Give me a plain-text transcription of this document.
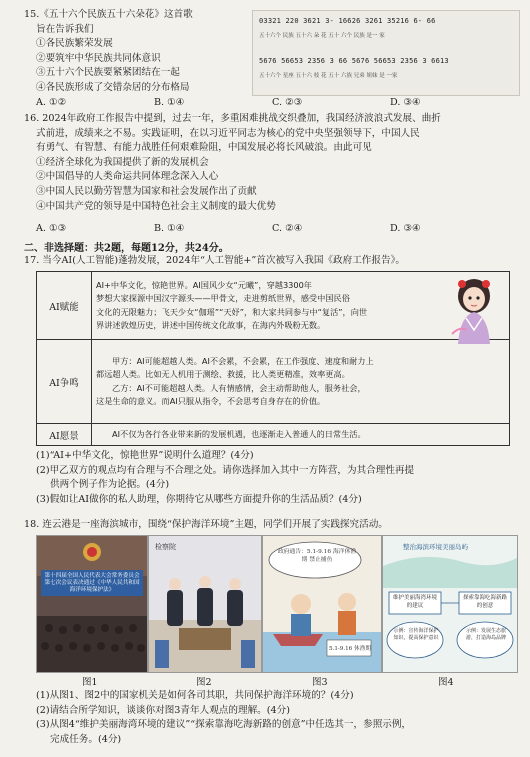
15.《五十六个民族五十六朵花》这首歌
旨在告诉我们
①各民族繁荣发展
②要筑牢中华民族共同体意识
③五十六个民族要紧紧团结在一起
④各民族形成了交错杂居的分布格局
A. ①②	B. ①④	C. ②③	D. ③④
03321 220 3621 3- 16626 3261 35216 6- 66
五十六个 民族 五十六 朵 花 五十 六个 民族 是一 家
5676 56653 2356 3 66 5676 56653 2356 3 6613
五十六个 星座 五十六 枝 花 五十 六族 兄弟 姐妹 是 一家
16. 2024年政府工作报告中提到，过去一年，多重困难挑战交织叠加，我国经济波浪式发展、曲折
式前进，成绩来之不易。实践证明，在以习近平同志为核心的党中央坚强领导下，中国人民
有勇气、有智慧、有能力战胜任何艰难险阻，中国发展必将长风破浪。由此可见
①经济全球化为我国提供了新的发展机会
②中国倡导的人类命运共同体理念深入人心
③中国人民以勤劳智慧为国家和社会发展作出了贡献
④中国共产党的领导是中国特色社会主义制度的最大优势
A. ①③	B. ①④	C. ②④	D. ③④
二、非选择题：共2题，每题12分，共24分。
17. 当今AI(人工智能)蓬勃发展，2024年“人工智能+”首次被写入我国《政府工作报告》。
AI赋能	AI+中华文化，惊艳世界。AI国风少女“元曦”，穿越3300年
梦想大家探源中国汉字源头——甲骨文，走进剪纸世界，感受中国民俗
文化的无限魅力；飞天少女“伽瑶”“天妤”，和大家共同参与中“复活”，向世
界讲述敦煌历史，讲述中国传统文化故事，在海内外吸粉无数。

AI争鸣	甲方：AI可能超越人类。AI不会累，不会累，在工作强度、速度和耐力上
都远超人类。比如无人机用于测绘、救援，比人类更精准，效率更高。
乙方：AI不可能超越人类。人有情感情，会主动帮助他人，服务社会，
这是生命的意义。而AI只服从指令，不会思考自身存在的价值。

AI愿景	AI不仅为各行各业带来新的发展机遇，也逐渐走入普通人的日常生活。
(1)“AI+中华文化，惊艳世界”说明什么道理？(4分)
(2)甲乙双方的观点均有合理与不合理之处。请你选择加入其中一方阵营，为其合理性再提
供两个例子作为论据。(4分)
(3)假如让AI做你的私人助理，你期待它从哪些方面提升你的生活品质？(4分)
18. 连云港是一座海滨城市，围绕“保护海洋环境”主题，同学们开展了实践探究活动。
第十四届全国人民代表大会常务委员会第七次会议表决通过《中华人民共和国海洋环境保护法》
检察院
政府通告：5.1-9.16 海洋休渔期 禁止捕鱼
5.1-9.16 休渔期
整治海滨环境美丽岛屿
维护美丽海湾环境的建议
探索靠海吃海新路的创意
示例：宣传海洋保护知识，提高保护意识
示例：发展生态旅游，打造海岛品牌
图1	图2	图3	图4
(1)从图1、图2中的国家机关是如何各司其职，共同保护海洋环境的？(4分)
(2)请结合所学知识，谈谈你对图3青年人观点的理解。(4分)
(3)从图4“维护美丽海湾环境的建议”“探索靠海吃海新路的创意”中任选其一，参照示例，
完成任务。(4分)
